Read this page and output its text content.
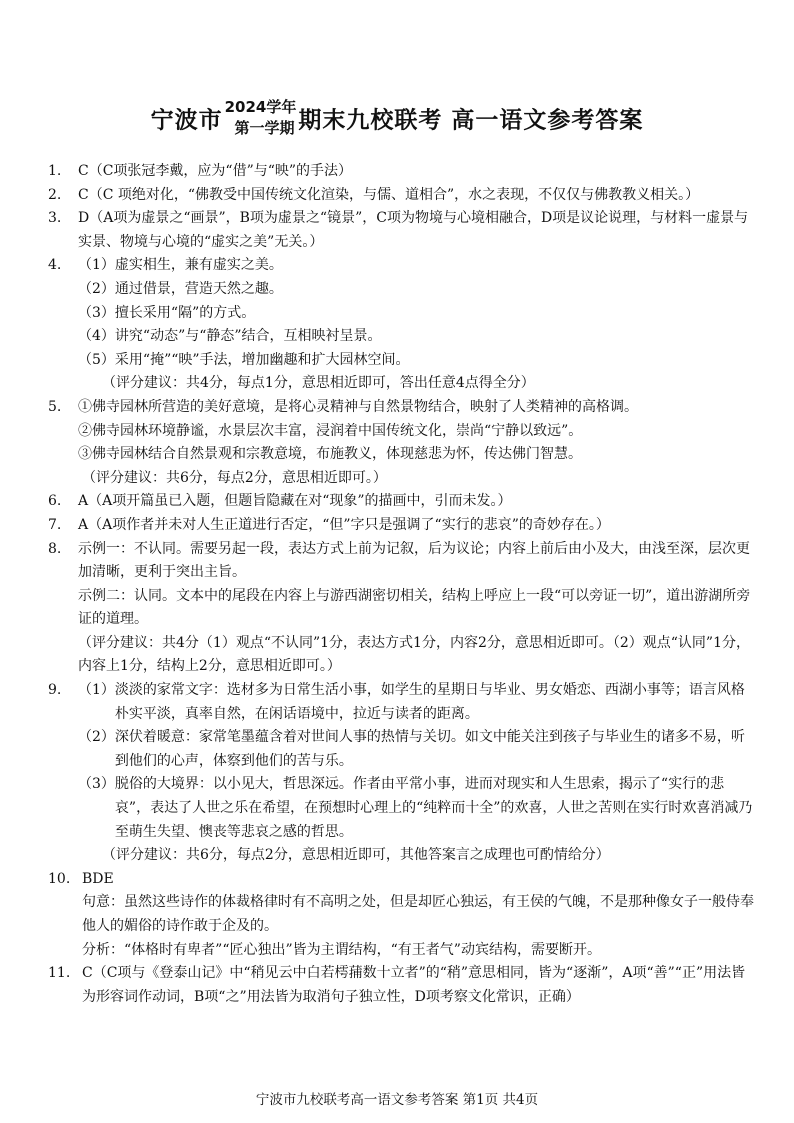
宁波市
2024学年
第一学期 期末九校联考 高一语文参考答案
1.	C（C项张冠李戴，应为“借”与“映”的手法）
2.	C（C 项绝对化，“佛教受中国传统文化渲染，与儒、道相合”，水之表现，不仅仅与佛教教义相关。）
3.	D（A项为虚景之“画景”，B项为虚景之“镜景”，C项为物境与心境相融合，D项是议论说理，与材料一虚景与实景、物境与心境的“虚实之美”无关。）
4.	（1） 虚实相生，兼有虚实之美。
（2） 通过借景，营造天然之趣。
（3） 擅长采用“隔”的方式。
（4） 讲究“动态”与“静态”结合，互相映衬呈景。
（5） 采用“掩”“映”手法，增加幽趣和扩大园林空间。
（评分建议：共4分，每点1分，意思相近即可，答出任意4点得全分）
5.	①佛寺园林所营造的美好意境，是将心灵精神与自然景物结合，映射了人类精神的高格调。
②佛寺园林环境静谧，水景层次丰富，浸润着中国传统文化，崇尚“宁静以致远”。
③佛寺园林结合自然景观和宗教意境，布施教义，体现慈悲为怀，传达佛门智慧。
（评分建议：共6分，每点2分，意思相近即可。）
6.	A（A项开篇虽已入题，但题旨隐藏在对“现象”的描画中，引而未发。）
7.	A（A项作者并未对人生正道进行否定，“但”字只是强调了“实行的悲哀”的奇妙存在。）
8.	示例一：不认同。需要另起一段，表达方式上前为记叙，后为议论；内容上前后由小及大，由浅至深，层次更加清晰，更利于突出主旨。
示例二：认同。文本中的尾段在内容上与游西湖密切相关，结构上呼应上一段“可以旁证一切”，道出游湖所旁证的道理。
（评分建议：共4分（1）观点“不认同”1分，表达方式1分，内容2分，意思相近即可。（2）观点“认同”1分，内容上1分，结构上2分，意思相近即可。）
9.	（1） 淡淡的家常文字：选材多为日常生活小事，如学生的星期日与毕业、男女婚恋、西湖小事等；语言风格朴实平淡，真率自然，在闲话语境中，拉近与读者的距离。
（2） 深伏着暖意：家常笔墨蕴含着对世间人事的热情与关切。如文中能关注到孩子与毕业生的诸多不易，听到他们的心声，体察到他们的苦与乐。
（3） 脱俗的大境界：以小见大，哲思深远。作者由平常小事，进而对现实和人生思索，揭示了“实行的悲哀”，表达了人世之乐在希望，在预想时心理上的“纯粹而十全”的欢喜，人世之苦则在实行时欢喜消减乃至萌生失望、懊丧等悲哀之感的哲思。
（评分建议：共6分，每点2分，意思相近即可，其他答案言之成理也可酌情给分）
10. BDE
句意：虽然这些诗作的体裁格律时有不高明之处，但是却匠心独运，有王侯的气魄，不是那种像女子一般侍奉他人的媚俗的诗作敢于企及的。
分析：“体格时有卑者”“匠心独出”皆为主谓结构，“有王者气”动宾结构，需要断开。
11. C（C项与《登泰山记》中“稍见云中白若樗蒱数十立者”的“稍”意思相同，皆为“逐渐”，A项“善”“正”用法皆为形容词作动词，B项“之”用法皆为取消句子独立性，D项考察文化常识，正确）
宁波市九校联考高一语文参考答案 第1页 共4页
